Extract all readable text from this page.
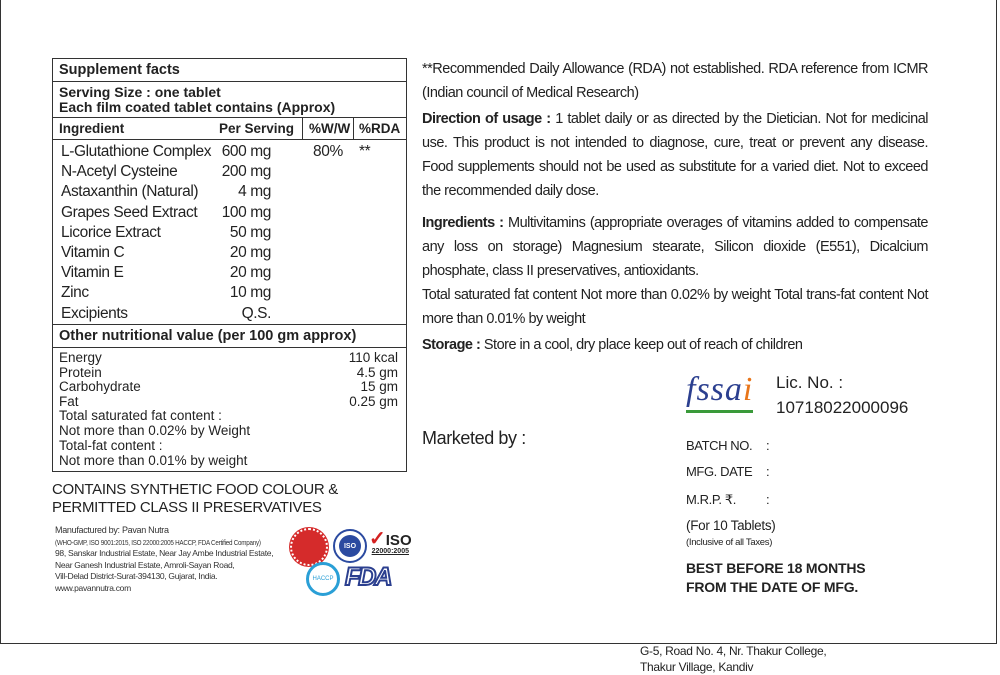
Supplement facts
Serving Size : one tablet
Each film coated tablet contains (Approx)
Ingredient	Per Serving %W/W %RDA
L-Glutathione Complex 600 mg	80% **
N-Acetyl Cysteine	200 mg
Astaxanthin (Natural)	4 mg
Grapes Seed Extract	100 mg
Licorice Extract	50 mg
Vitamin C	20 mg
Vitamin E	20 mg
Zinc	10 mg
Excipients	Q.S.
Other nutritional value (per 100 gm approx)
Energy	110 kcal
Protein	4.5 gm
Carbohydrate	15 gm
Fat	0.25 gm
Total saturated fat content :
Not more than 0.02% by Weight
Total-fat content :
Not more than 0.01% by weight
CONTAINS SYNTHETIC FOOD COLOUR &
PERMITTED CLASS II PRESERVATIVES
Manufactured by: Pavan Nutra
(WHO-GMP, ISO 9001:2015, ISO 22000:2005 HACCP, FDA Certified Company)
98, Sanskar Industrial Estate, Near Jay Ambe Industrial Estate,
Near Ganesh Industrial Estate, Amroli-Sayan Road,
Vill-Delad District-Surat-394130, Gujarat, India.
www.pavannutra.com
ISO ✓ISO
22000:2005
HACCP FDA
**Recommended Daily Allowance (RDA) not established. RDA reference from ICMR (Indian council of Medical Research)
Direction of usage : 1 tablet daily or as directed by the Dietician. Not for medicinal use. This product is not intended to diagnose, cure, treat or prevent any disease. Food supplements should not be used as substitute for a varied diet. Not to exceed the recommended daily dose.
Ingredients : Multivitamins (appropriate overages of vitamins added to compensate any loss on storage) Magnesium stearate, Silicon dioxide (E551), Dicalcium phosphate, class II preservatives, antioxidants.
Total saturated fat content Not more than 0.02% by weight Total trans-fat content Not more than 0.01% by weight
Storage : Store in a cool, dry place keep out of reach of children
Marketed by :
fssai Lic. No. :
10718022000096
BATCH NO. :
MFG. DATE :
M.R.P. ₹. :
(For 10 Tablets)
(Inclusive of all Taxes)
BEST BEFORE 18 MONTHS
FROM THE DATE OF MFG.
G-5, Road No. 4, Nr. Thakur College,
Thakur Village, Kandiv
